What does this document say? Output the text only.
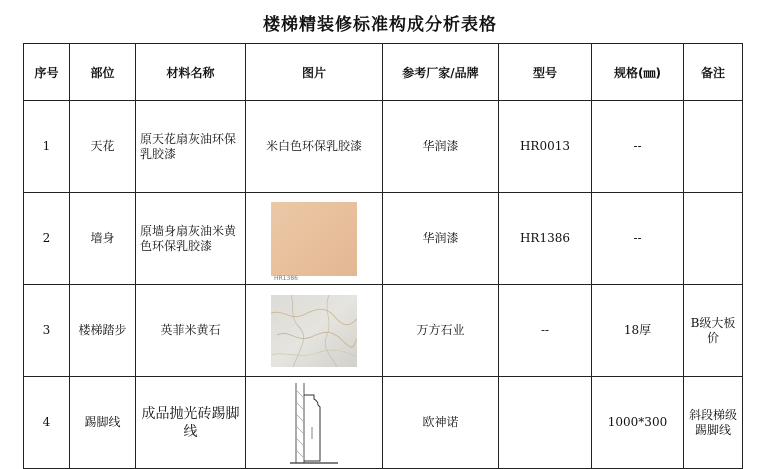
楼梯精装修标准构成分析表格
序号	部位	材料名称	图片	参考厂家/品牌	型号	规格(㎜)	备注
1	天花	原天花扇灰油环保乳胶漆	米白色环保乳胶漆	华润漆	HR0013	--	
2	墙身	原墙身扇灰油米黄色环保乳胶漆	HR1386	华润漆	HR1386	--	
3	楼梯踏步	英菲米黄石		万方石业	--	18厚	B级大板价
4	踢脚线	成品抛光砖踢脚线		欧神诺		1000*300	斜段梯级踢脚线
